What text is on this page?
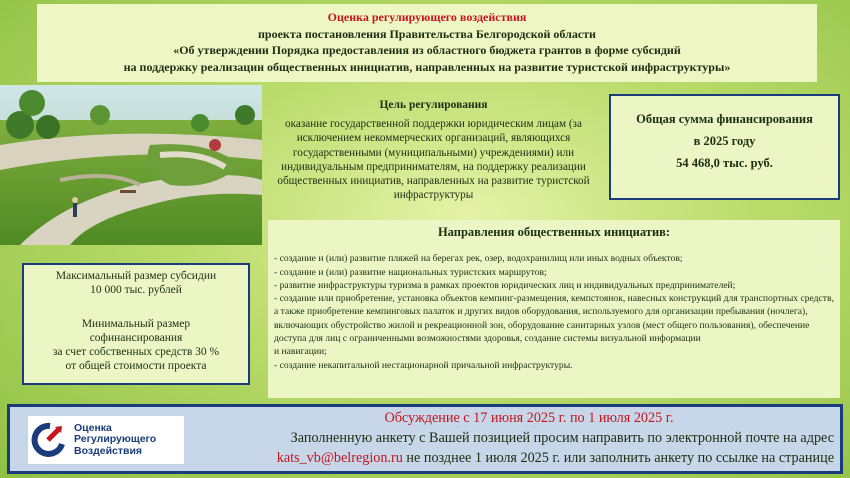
Оценка регулирующего воздействия
проекта постановления Правительства Белгородской области
«Об утверждении Порядка предоставления из областного бюджета грантов в форме субсидий
на поддержку реализации общественных инициатив, направленных на развитие туристской инфраструктуры»
Цель регулирования
оказание государственной поддержки юридическим лицам (за исключением некоммерческих организаций, являющихся государственными (муниципальными) учреждениями) или индивидуальным предпринимателям, на поддержку реализации общественных инициатив, направленных на развитие туристской инфраструктуры
Общая сумма финансирования
в 2025 году
54 468,0 тыс. руб.
Направления общественных инициатив:
- создание и (или) развитие пляжей на берегах рек, озер, водохранилищ или иных водных объектов;
- создание и (или) развитие национальных туристских маршрутов;
- развитие инфраструктуры туризма в рамках проектов юридических лиц и индивидуальных предпринимателей;
- создание или приобретение, установка объектов кемпинг-размещения, кемпстоянок, навесных конструкций для транспортных средств, а также приобретение кемпинговых палаток и других видов оборудования, используемого для организации пребывания (ночлега), включающих обустройство жилой и рекреационной зон, оборудование санитарных узлов (мест общего пользования), обеспечение доступа для лиц с ограниченными возможностями здоровья, создание системы визуальной информации
и навигации;
- создание некапитальной нестационарной причальной инфраструктуры.
Максимальный размер субсидии
10 000 тыс. рублей
Минимальный размер
софинансирования
за счет собственных средств 30 %
от общей стоимости проекта
Оценка
Регулирующего
Воздействия
Обсуждение с 17 июня 2025 г. по 1 июля 2025 г.
Заполненную анкету с Вашей позицией просим направить по электронной почте на адрес
kats_vb@belregion.ru не позднее 1 июля 2025 г. или заполнить анкету по ссылке на странице
